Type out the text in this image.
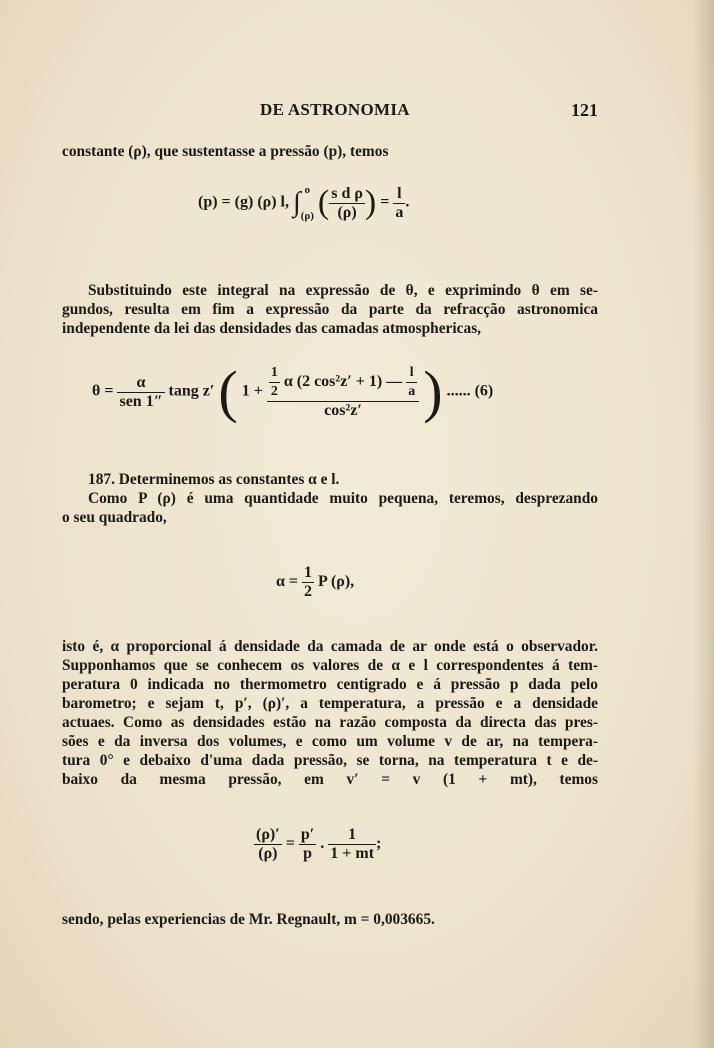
DE ASTRONOMIA	121
constante (ρ), que sustentasse a pressão (p), temos
(p) = (g) (ρ) l, ∫ o
(ρ) ( $\frac{\text{s d ρ}}{(\rho)}$ ) = $\frac{l}{a}$ .
Substituindo este integral na expressão de θ, e exprimindo θ em se-
gundos, resulta em fim a expressão da parte da refracção astronomica
independente da lei das densidades das camadas atmosphericas,
$\theta = \frac{\alpha}{\text{sen 1″}}$ tang z′ ( $1 + \frac{\frac{1}{2} \alpha (2 \cos^2z' + 1) — \frac{l}{a}}{\text{cos²z′}}$ ) ...... (6)
187. Determinemos as constantes α e l.
Como P (ρ) é uma quantidade muito pequena, teremos, desprezando
o seu quadrado,
$\alpha = \frac{1}{2}$ P (ρ),
isto é, α proporcional á densidade da camada de ar onde está o observador.
Supponhamos que se conhecem os valores de α e l correspondentes á tem-
peratura 0 indicada no thermometro centigrado e á pressão p dada pelo
barometro; e sejam t, p′, (ρ)′, a temperatura, a pressão e a densidade
actuaes. Como as densidades estão na razão composta da directa das pres-
sões e da inversa dos volumes, e como um volume v de ar, na tempera-
tura 0° e debaixo d'uma dada pressão, se torna, na temperatura t e de-
baixo da mesma pressão, em v′ = v (1 + mt), temos
$\frac{(\rho)'}{(\rho)} = \frac{p'}{p}$ . $\frac{1}{1 + mt}$ ;
sendo, pelas experiencias de Mr. Regnault, m = 0,003665.
